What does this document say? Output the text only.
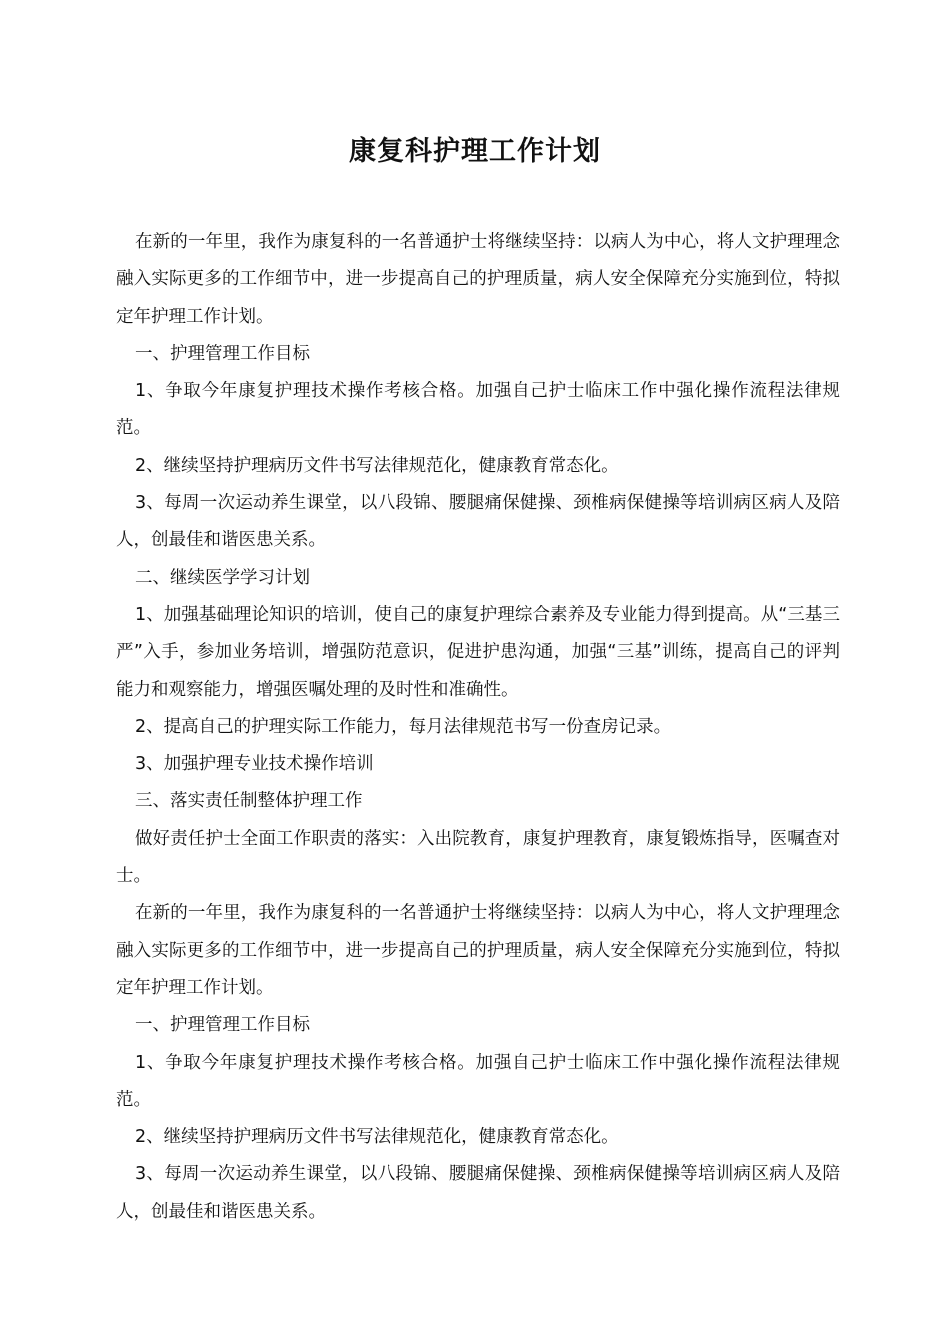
康复科护理工作计划

在新的一年里，我作为康复科的一名普通护士将继续坚持：以病人为中心，将人文护理理念融入实际更多的工作细节中，进一步提高自己的护理质量，病人安全保障充分实施到位，特拟定年护理工作计划。

一、护理管理工作目标

1、争取今年康复护理技术操作考核合格。加强自己护士临床工作中强化操作流程法律规范。

2、继续坚持护理病历文件书写法律规范化，健康教育常态化。

3、每周一次运动养生课堂，以八段锦、腰腿痛保健操、颈椎病保健操等培训病区病人及陪人，创最佳和谐医患关系。

二、继续医学学习计划

1、加强基础理论知识的培训，使自己的康复护理综合素养及专业能力得到提高。从“三基三严”入手，参加业务培训，增强防范意识，促进护患沟通，加强“三基”训练，提高自己的评判能力和观察能力，增强医嘱处理的及时性和准确性。

2、提高自己的护理实际工作能力，每月法律规范书写一份查房记录。

3、加强护理专业技术操作培训

三、落实责任制整体护理工作

做好责任护士全面工作职责的落实：入出院教育，康复护理教育，康复锻炼指导，医嘱查对士。

在新的一年里，我作为康复科的一名普通护士将继续坚持：以病人为中心，将人文护理理念融入实际更多的工作细节中，进一步提高自己的护理质量，病人安全保障充分实施到位，特拟定年护理工作计划。

一、护理管理工作目标

1、争取今年康复护理技术操作考核合格。加强自己护士临床工作中强化操作流程法律规范。

2、继续坚持护理病历文件书写法律规范化，健康教育常态化。

3、每周一次运动养生课堂，以八段锦、腰腿痛保健操、颈椎病保健操等培训病区病人及陪人，创最佳和谐医患关系。
